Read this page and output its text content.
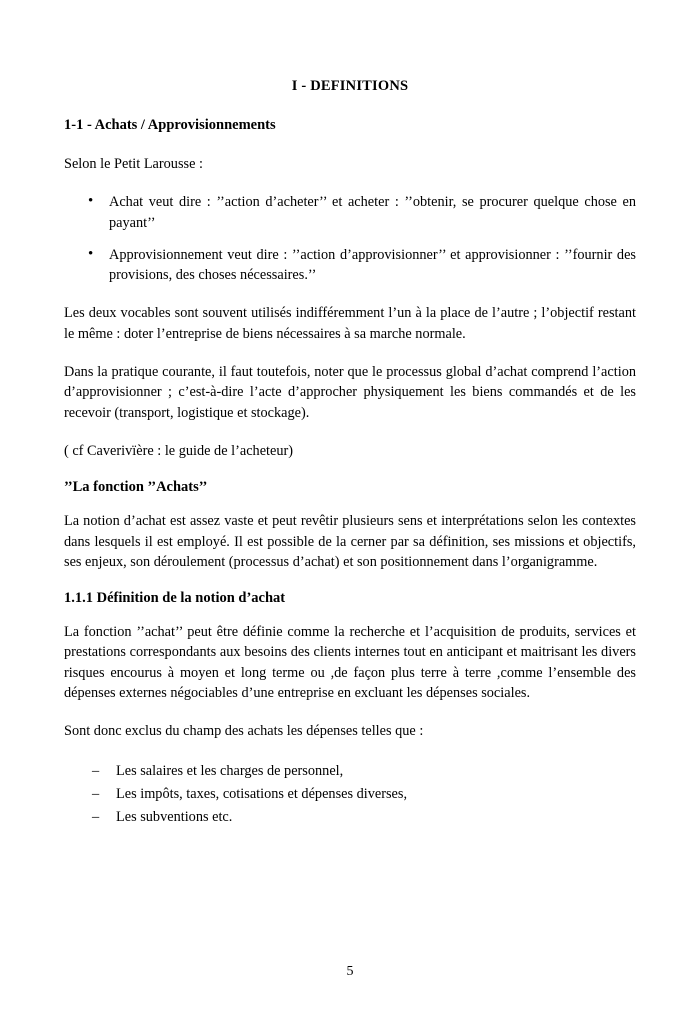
I - DEFINITIONS
1-1 - Achats / Approvisionnements

Selon le Petit Larousse :

• Achat veut dire : ’’action d’acheter’’ et acheter : ’’obtenir, se procurer quelque chose en payant’’
• Approvisionnement veut dire : ’’action d’approvisionner’’ et approvisionner : ’’fournir des provisions, des choses nécessaires.’’

Les deux vocables sont souvent utilisés indifféremment l’un à la place de l’autre ; l’objectif restant le même : doter l’entreprise de biens nécessaires à sa marche normale.

Dans la pratique courante, il faut toutefois, noter que le processus global d’achat comprend l’action d’approvisionner ; c’est-à-dire l’acte d’approcher physiquement les biens commandés et de les recevoir (transport, logistique et stockage).

( cf Caverivïère : le guide de l’acheteur)

’’La fonction ’’Achats’’

La notion d’achat est assez vaste et peut revêtir plusieurs sens et interprétations selon les contextes dans lesquels il est employé. Il est possible de la cerner par sa définition, ses missions et objectifs, ses enjeux, son déroulement (processus d’achat) et son positionnement dans l’organigramme.

1.1.1 Définition de la notion d’achat

La fonction ’’achat’’ peut être définie comme la recherche et l’acquisition de produits, services et prestations correspondants aux besoins des clients internes tout en anticipant et maitrisant les divers risques encourus à moyen et long terme ou ,de façon plus terre à terre ,comme l’ensemble des dépenses externes négociables d’une entreprise en excluant les dépenses sociales.

Sont donc exclus du champ des achats les dépenses telles que :

– Les salaires et les charges de personnel,
– Les impôts, taxes, cotisations et dépenses diverses,
– Les subventions etc.
5
